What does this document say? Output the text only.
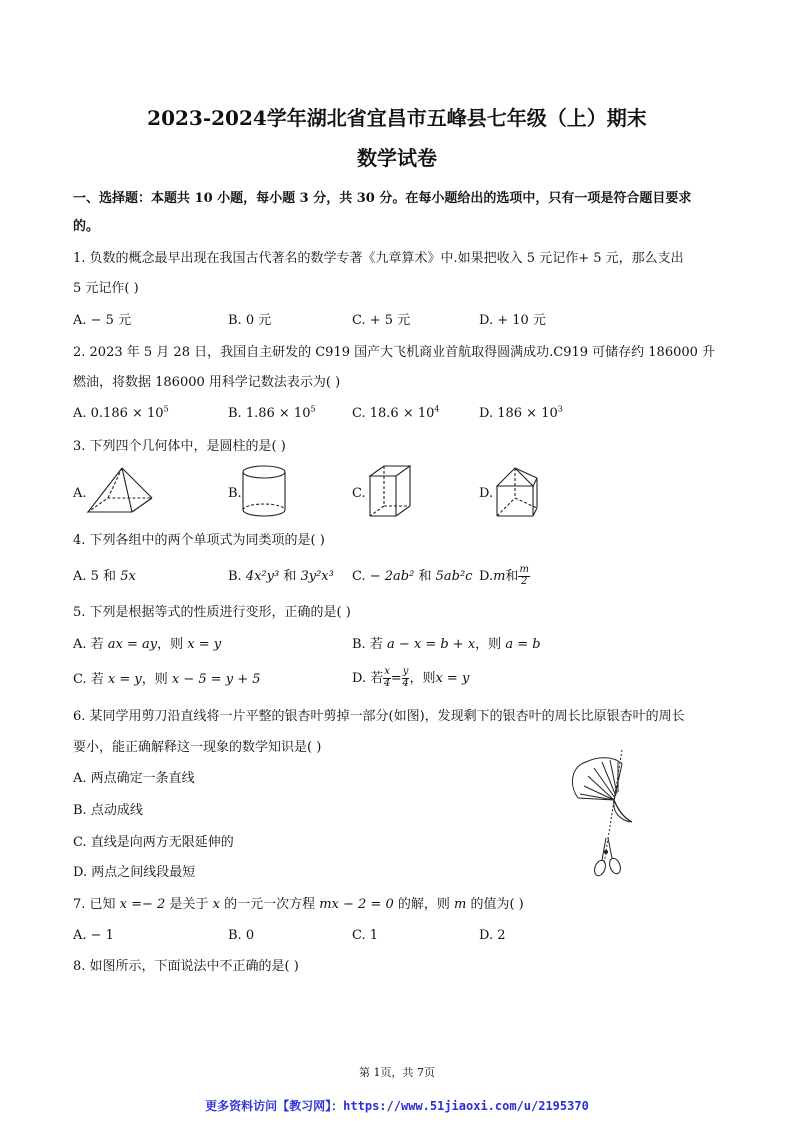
2023-2024学年湖北省宜昌市五峰县七年级（上）期末
数学试卷
一、选择题：本题共 10 小题，每小题 3 分，共 30 分。在每小题给出的选项中，只有一项是符合题目要求
的。
1. 负数的概念最早出现在我国古代著名的数学专著《九章算术》中.如果把收入 5 元记作+ 5 元，那么支出
5 元记作( )
A. − 5 元	B. 0 元	C. + 5 元	D. + 10 元
2. 2023 年 5 月 28 日，我国自主研发的 C919 国产大飞机商业首航取得圆满成功.C919 可储存约 186000 升
燃油，将数据 186000 用科学记数法表示为( )
A. $0.186 \times 10^5$	B. $1.86 \times 10^5$	C. $18.6 \times 10^4$	D. $186 \times 10^3$
3. 下列四个几何体中，是圆柱的是( )
A.	B.	C.	D.
4. 下列各组中的两个单项式为同类项的是( )
A. 5 和 5x	B. 4x²y³ 和 3y²x³ C. − 2ab² 和 5ab²c D. m 和 $\frac{m}{2}$
5. 下列是根据等式的性质进行变形，正确的是( )
A. 若 ax = ay，则 x = y	B. 若 a − x = b + x，则 a = b
C. 若 x = y，则 x − 5 = y + 5	D. 若 $\frac{x}{4} = \frac{y}{4}$ ，则 x = y
6. 某同学用剪刀沿直线将一片平整的银杏叶剪掉一部分(如图)，发现剩下的银杏叶的周长比原银杏叶的周长
要小，能正确解释这一现象的数学知识是( )
A. 两点确定一条直线
B. 点动成线
C. 直线是向两方无限延伸的
D. 两点之间线段最短
7. 已知 x =− 2 是关于 x 的一元一次方程 mx − 2 = 0 的解，则 m 的值为( )
A. − 1	B. 0	C. 1	D. 2
8. 如图所示，下面说法中不正确的是( )
第 1页，共 7页
更多资料访问【教习网】：https://www.51jiaoxi.com/u/2195370
